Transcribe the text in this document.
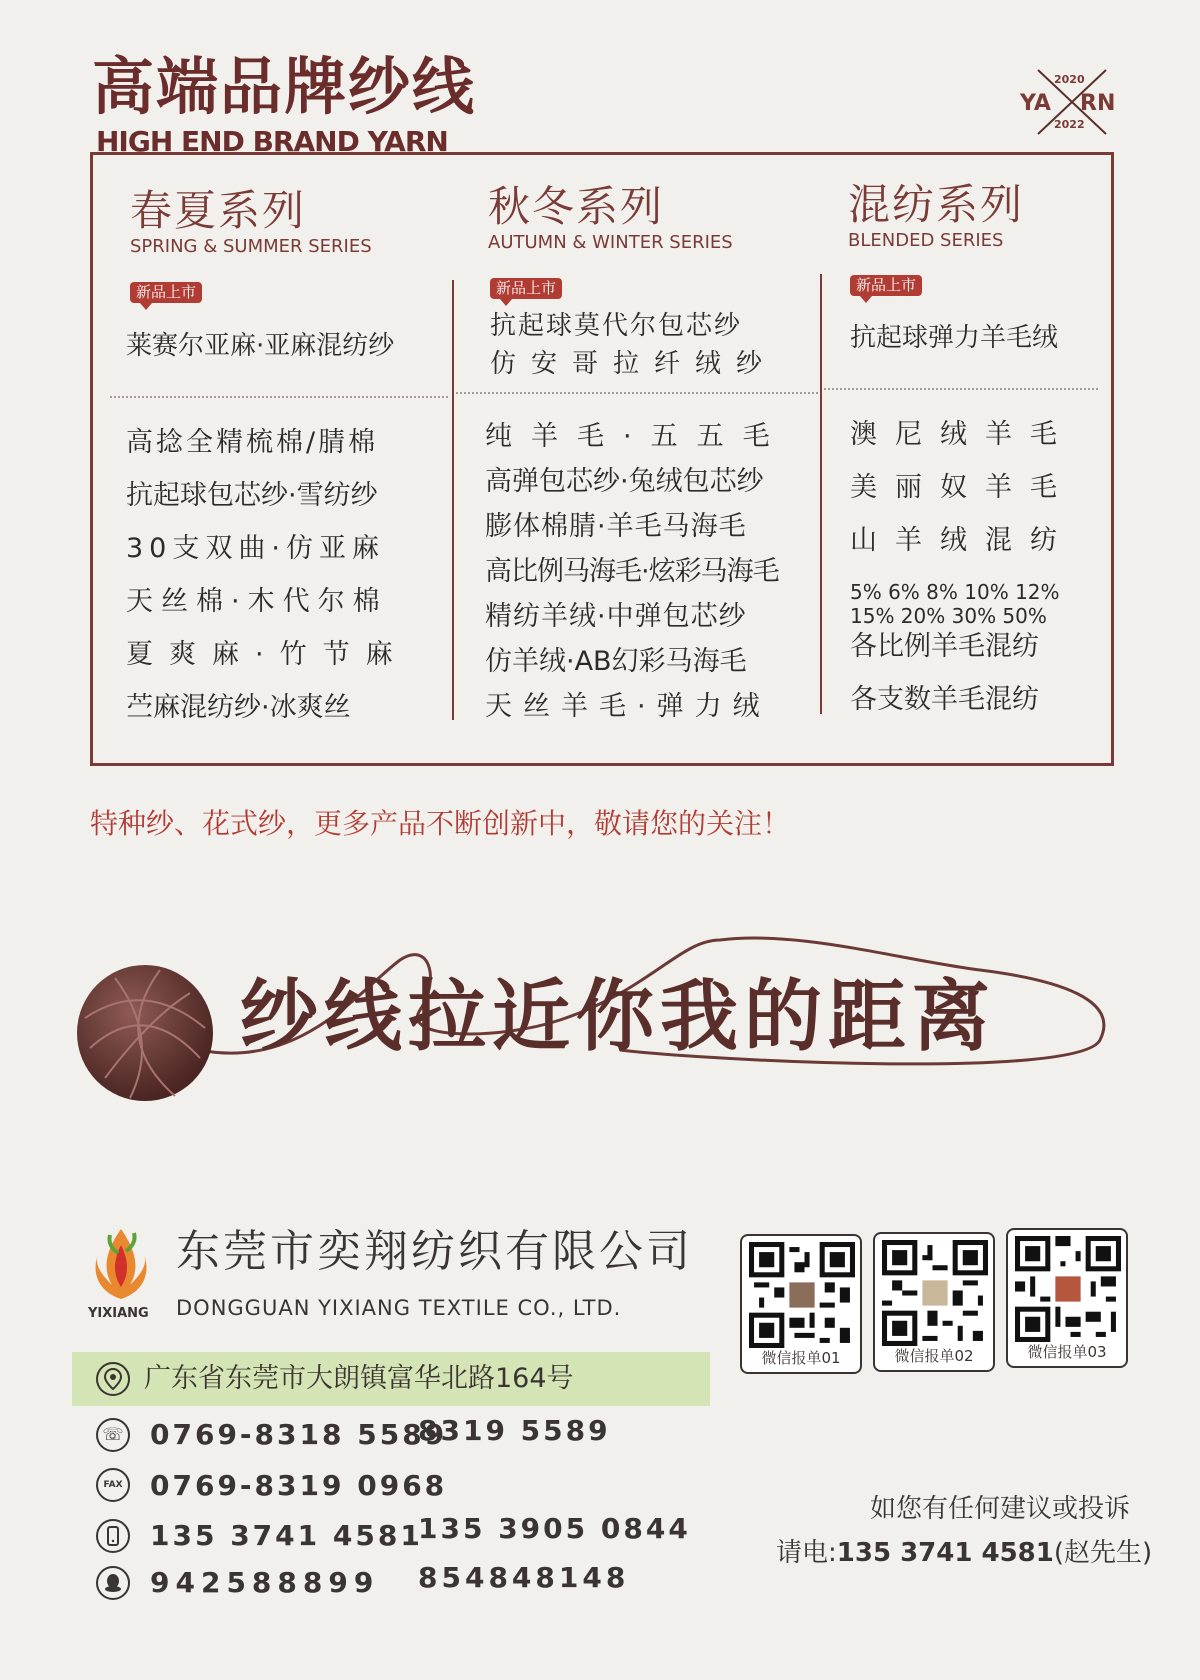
高端品牌纱线
HIGH END BRAND YARN
2020
YA RN
2022
春夏系列
SPRING & SUMMER SERIES
秋冬系列
AUTUMN & WINTER SERIES
混纺系列
BLENDED SERIES
新品上市	新品上市	新品上市
莱赛尔亚麻·亚麻混纺纱
抗起球莫代尔包芯纱
仿安哥拉纤绒纱
抗起球弹力羊毛绒
高捻全精梳棉/腈棉
抗起球包芯纱·雪纺纱
30支双曲·仿亚麻
天丝棉·木代尔棉
夏爽麻·竹节麻
苎麻混纺纱·冰爽丝
纯羊毛·五五毛
高弹包芯纱·兔绒包芯纱
膨体棉腈·羊毛马海毛
高比例马海毛·炫彩马海毛
精纺羊绒·中弹包芯纱
仿羊绒·AB幻彩马海毛
天丝羊毛·弹力绒
澳尼绒羊毛
美丽奴羊毛
山羊绒混纺
5% 6% 8% 10% 12%
15% 20% 30% 50%
各比例羊毛混纺
各支数羊毛混纺
特种纱、花式纱，更多产品不断创新中，敬请您的关注！
纱线拉近你我的距离
YIXIANG
东莞市奕翔纺织有限公司
DONGGUAN YIXIANG TEXTILE CO., LTD.
广东省东莞市大朗镇富华北路164号
☏ 0769-8318 5589
8319 5589
FAX 0769-8319 0968
135 3741 4581
135 3905 0844
942588899 854848148
微信报单01	微信报单02	微信报单03
如您有任何建议或投诉
请电:135 3741 4581(赵先生)
